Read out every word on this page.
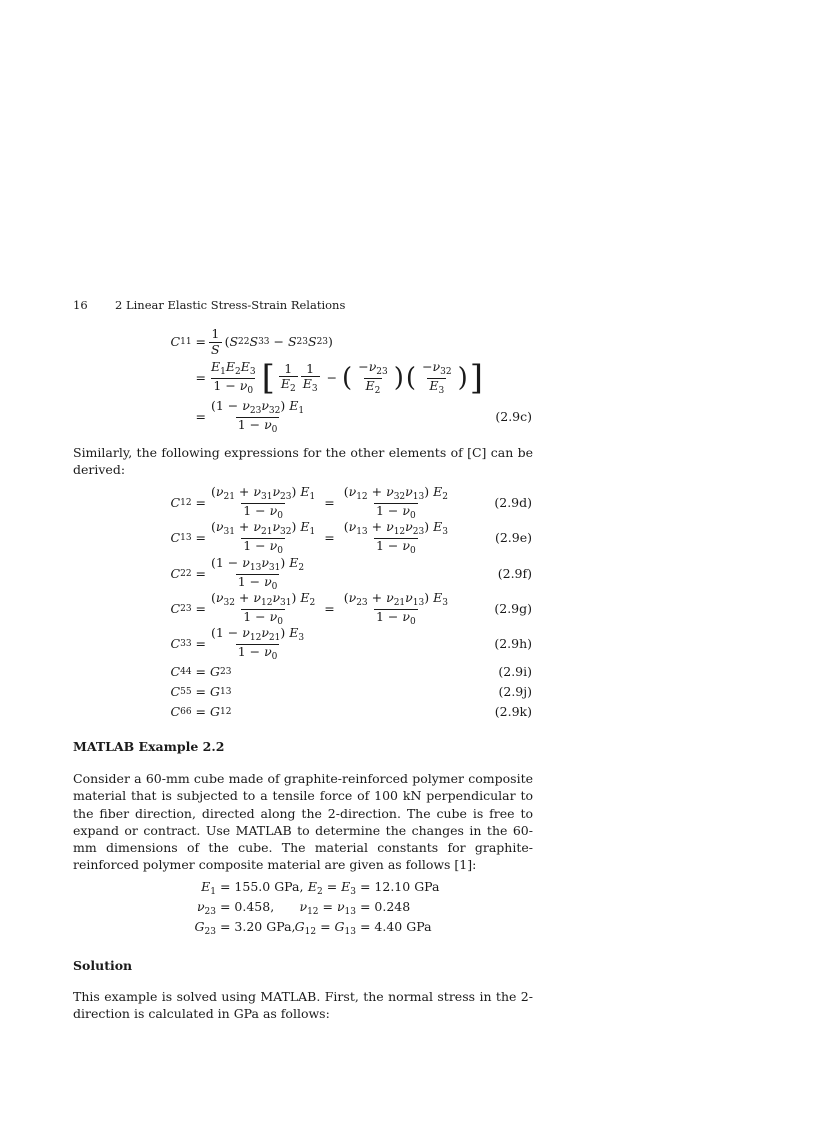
16 2 Linear Elastic Stress-Strain Relations
C $11 = \frac{1}{S}$ ( S 22 S 33 − S 23 S 23 )
= $\frac{E_1E_2E_3}{1 - \nu_0}$ [ $\frac{1}{E_2} \frac{1}{E_3}$ − ( $\frac{-\nu_{23}}{E_2}$ ) ( $\frac{-\nu_{32}}{E_3}$ ) ]
= $\frac{(1 - \nu_{23}\nu_{32}) E_1}{1 - \nu_0}$	(2.9c)
Similarly, the following expressions for the other elements of [C] can be derived:
C $12 = \frac{(\nu_{21} + \nu_{31}\nu_{23}) E_1}{1 - \nu_0} = \frac{(\nu_{12} + \nu_{32}\nu_{13}) E_2}{1 - \nu_0}$	(2.9d)
C $13 = \frac{(\nu_{31} + \nu_{21}\nu_{32}) E_1}{1 - \nu_0} = \frac{(\nu_{13} + \nu_{12}\nu_{23}) E_3}{1 - \nu_0}$	(2.9e)
C $22 = \frac{(1 - \nu_{13}\nu_{31}) E_2}{1 - \nu_0}$	(2.9f)
C $23 = \frac{(\nu_{32} + \nu_{12}\nu_{31}) E_2}{1 - \nu_0} = \frac{(\nu_{23} + \nu_{21}\nu_{13}) E_3}{1 - \nu_0}$	(2.9g)
C $33 = \frac{(1 - \nu_{12}\nu_{21}) E_3}{1 - \nu_0}$	(2.9h)
C 44 =
G 23	(2.9i)
C 55 =
G 13	(2.9j)
C 66 =
G 12	(2.9k)
MATLAB Example 2.2
Consider a 60-mm cube made of graphite-reinforced polymer composite material that is subjected to a tensile force of 100 kN perpendicular to the fiber direction, directed along the 2-direction. The cube is free to expand or contract. Use MATLAB to determine the changes in the 60-mm dimensions of the cube. The material constants for graphite-reinforced polymer composite material are given as follows [1]:
$E_1 = 155.0$ GPa, $E_2 = E_3 = 12.10$ GPa
$\nu_{23} = 0.458$, $\nu_{12} = \nu_{13} = 0.248$
$G_{23} = 3.20$ GPa, $G_{12} = G_{13} = 4.40$ GPa
Solution
This example is solved using MATLAB. First, the normal stress in the 2-direction is calculated in GPa as follows:
